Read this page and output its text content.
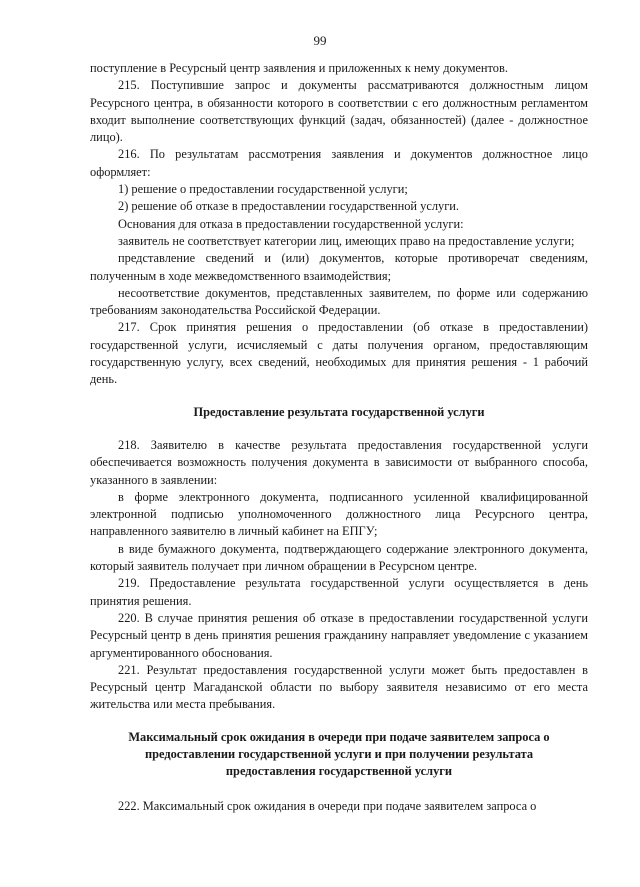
99

поступление в Ресурсный центр заявления и приложенных к нему документов.

215. Поступившие запрос и документы рассматриваются должностным лицом Ресурсного центра, в обязанности которого в соответствии с его должностным регламентом входит выполнение соответствующих функций (задач, обязанностей) (далее - должностное лицо).

216. По результатам рассмотрения заявления и документов должностное лицо оформляет:

1) решение о предоставлении государственной услуги;

2) решение об отказе в предоставлении государственной услуги.

Основания для отказа в предоставлении государственной услуги:

заявитель не соответствует категории лиц, имеющих право на предоставление услуги;

представление сведений и (или) документов, которые противоречат сведениям, полученным в ходе межведомственного взаимодействия;

несоответствие документов, представленных заявителем, по форме или содержанию требованиям законодательства Российской Федерации.

217. Срок принятия решения о предоставлении (об отказе в предоставлении) государственной услуги, исчисляемый с даты получения органом, предоставляющим государственную услугу, всех сведений, необходимых для принятия решения - 1 рабочий день.

Предоставление результата государственной услуги

218. Заявителю в качестве результата предоставления государственной услуги обеспечивается возможность получения документа в зависимости от выбранного способа, указанного в заявлении:

в форме электронного документа, подписанного усиленной квалифицированной электронной подписью уполномоченного должностного лица Ресурсного центра, направленного заявителю в личный кабинет на ЕПГУ;

в виде бумажного документа, подтверждающего содержание электронного документа, который заявитель получает при личном обращении в Ресурсном центре.

219. Предоставление результата государственной услуги осуществляется в день принятия решения.

220. В случае принятия решения об отказе в предоставлении государственной услуги Ресурсный центр в день принятия решения гражданину направляет уведомление с указанием аргументированного обоснования.

221. Результат предоставления государственной услуги может быть предоставлен в Ресурсный центр Магаданской области по выбору заявителя независимо от его места жительства или места пребывания.

Максимальный срок ожидания в очереди при подаче заявителем запроса о предоставлении государственной услуги и при получении результата предоставления государственной услуги

222. Максимальный срок ожидания в очереди при подаче заявителем запроса о
